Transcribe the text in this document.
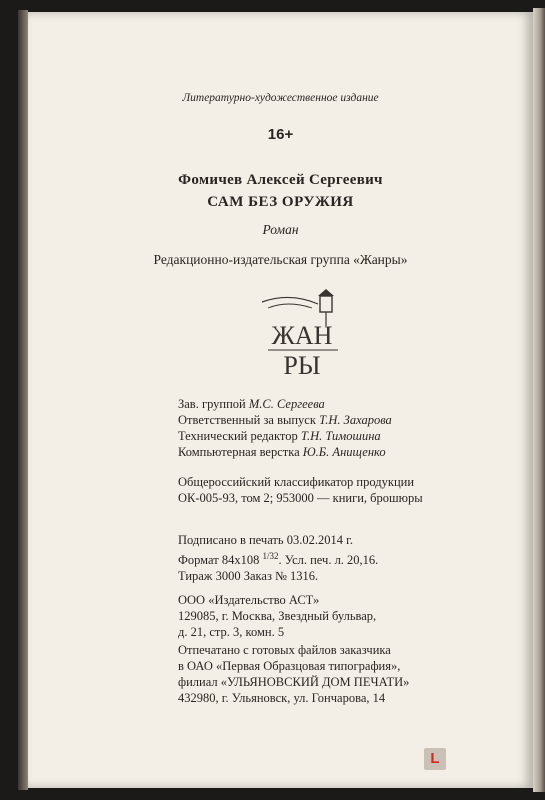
Литературно-художественное издание
16+
Фомичев Алексей Сергеевич
САМ БЕЗ ОРУЖИЯ
Роман
Редакционно-издательская группа «Жанры»
ЖАН
РЫ
Зав. группой М.С. Сергеева
Ответственный за выпуск Т.Н. Захарова
Технический редактор Т.Н. Тимошина
Компьютерная верстка Ю.Б. Анищенко
Общероссийский классификатор продукции
ОК-005-93, том 2; 953000 — книги, брошюры
Подписано в печать 03.02.2014 г.
Формат 84х108 $^{1/32}$. Усл. печ. л. 20,16.
Тираж 3000 Заказ № 1316.
ООО «Издательство АСТ»
129085, г. Москва, Звездный бульвар,
д. 21, стр. 3, комн. 5
Отпечатано с готовых файлов заказчика
в ОАО «Первая Образцовая типография»,
филиал «УЛЬЯНОВСКИЙ ДОМ ПЕЧАТИ»
432980, г. Ульяновск, ул. Гончарова, 14
L
